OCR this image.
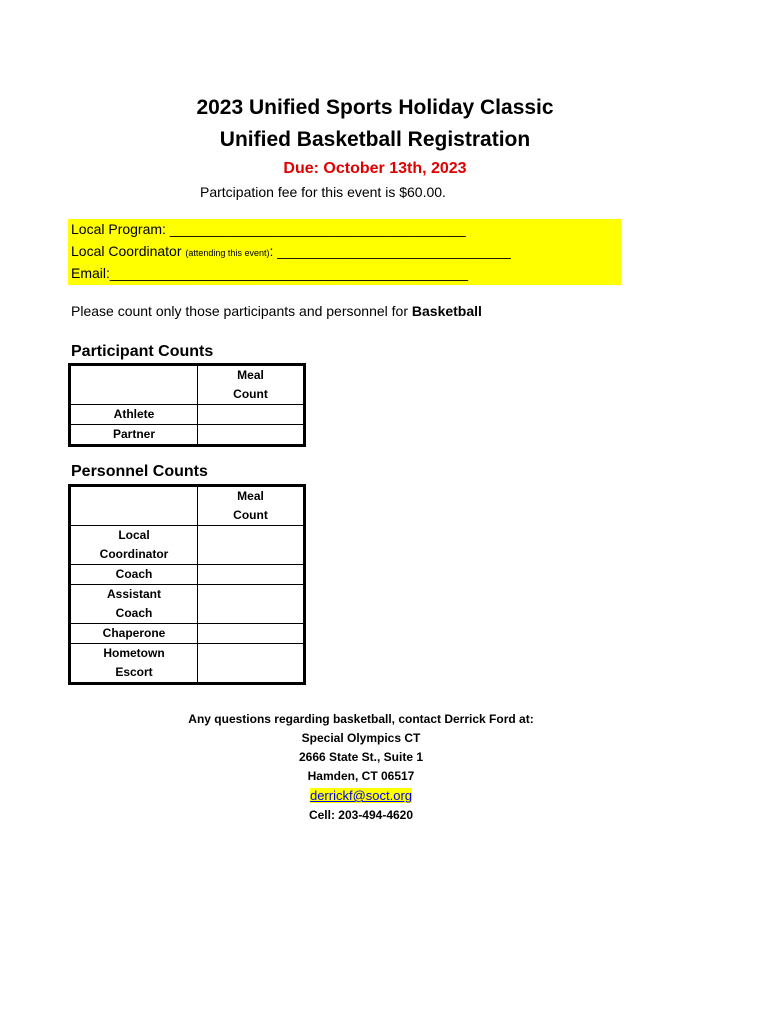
2023 Unified Sports Holiday Classic
Unified Basketball Registration
Due: October 13th, 2023
Partcipation fee for this event is $60.00.
Local Program: ______________________________________
Local Coordinator (attending this event): ______________________________
Email:______________________________________________
Please count only those participants and personnel for Basketball
Participant Counts

	Meal Count

Athlete	
Partner	
Personnel Counts

	Meal Count

Local Coordinator	

Coach	

Assistant Coach	

Chaperone	

Hometown Escort	

Any questions regarding basketball, contact Derrick Ford at:
Special Olympics CT
2666 State St., Suite 1
Hamden, CT 06517
derrickf@soct.org
Cell: 203-494-4620
